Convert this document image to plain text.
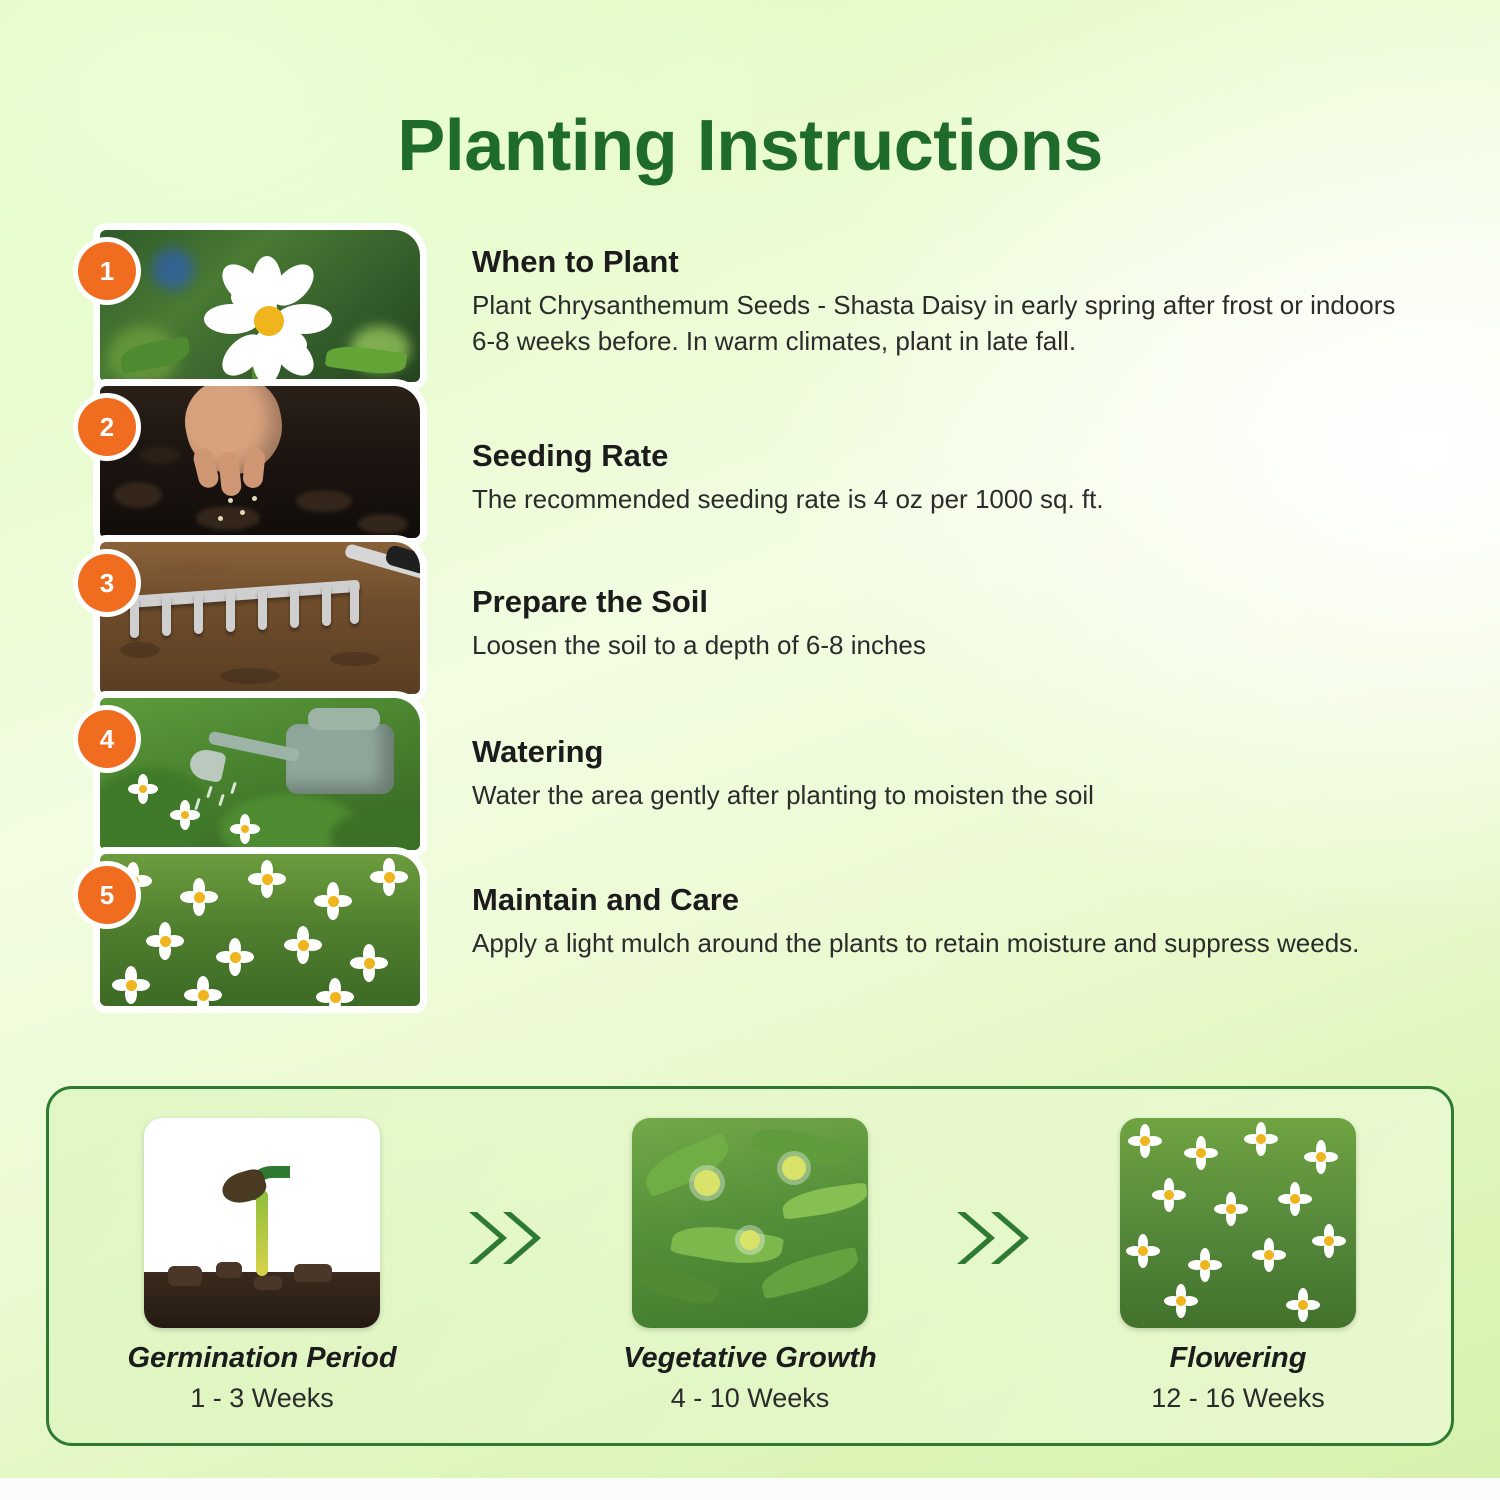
Planting Instructions
1	When to Plant

Plant Chrysanthemum Seeds - Shasta Daisy in early spring after frost or indoors 6-8 weeks before. In warm climates, plant in late fall.

2
Seeding Rate

The recommended seeding rate is 4 oz per 1000 sq. ft.

3
Prepare the Soil

Loosen the soil to a depth of 6-8 inches

4	Watering

Water the area gently after planting to moisten the soil

5	Maintain and Care

Apply a light mulch around the plants to retain moisture and suppress weeds.

Germination Period
1 - 3 Weeks
Vegetative Growth
4 - 10 Weeks
Flowering
12 - 16 Weeks
